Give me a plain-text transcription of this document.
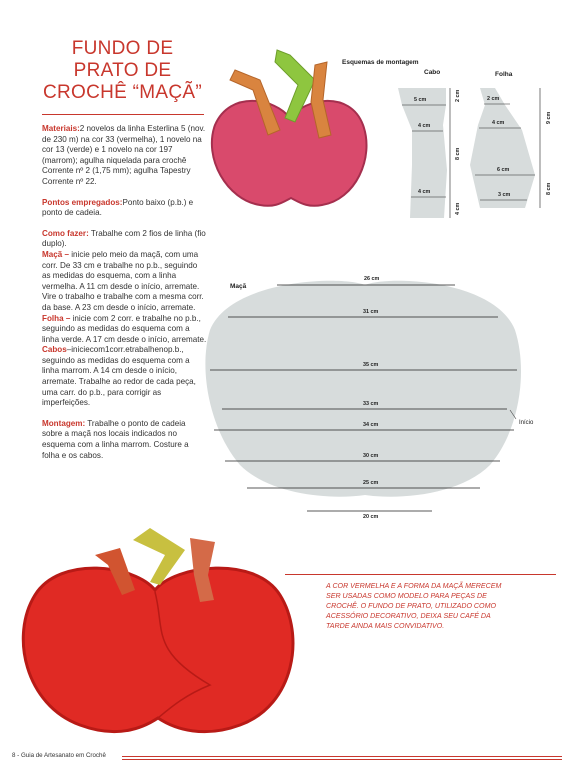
FUNDO DE
PRATO DE
CROCHÊ “MAÇÃ”

Materiais:2 novelos da linha Esterlina 5 (nov. de 230 m) na cor 33 (vermelha), 1 novelo na cor 13 (verde) e 1 novelo na cor 197 (marrom); agulha niquelada para crochê Corrente nº 2 (1,75 mm); agulha Tapestry Corrente nº 22.

Pontos empregados:Ponto baixo (p.b.) e ponto de cadeia.

Como fazer: Trabalhe com 2 fios de linha (fio duplo).
Maçã – inicie pelo meio da maçã, com uma corr. De 33 cm e trabalhe no p.b., seguindo as medidas do esquema, com a linha vermelha. A 11 cm desde o início, arremate. Vire o trabalho e trabalhe com a mesma corr. da base. A 23 cm desde o início, arremate.
Folha – inicie com 2 corr. e trabalhe no p.b., seguindo as medidas do esquema com a linha verde. A 17 cm desde o início, arremate.
Cabos–iniciecom1corr.etrabalhenop.b., seguindo as medidas do esquema com a linha marrom. A 14 cm desde o início, arremate. Trabalhe ao redor de cada peça, uma carr. do p.b., para corrigir as imperfeições.

Montagem: Trabalhe o ponto de cadeia sobre a maçã nos locais indicados no esquema com a linha marrom. Costure a folha e os cabos.

Esquemas de montagem
Cabo	Folha
5 cm
4 cm
4 cm
2 cm
8 cm
4 cm
2 cm
4 cm
6 cm
3 cm
9 cm
8 cm
Maçã
26 cm
31 cm
35 cm
33 cm
34 cm
30 cm
25 cm
20 cm
Início
A COR VERMELHA E A FORMA DA MAÇÃ MERECEM SER USADAS COMO MODELO PARA PEÇAS DE CROCHÊ. O FUNDO DE PRATO, UTILIZADO COMO ACESSÓRIO DECORATIVO, DEIXA SEU CAFÉ DA TARDE AINDA MAIS CONVIDATIVO.
8 - Guia de Artesanato em Crochê
